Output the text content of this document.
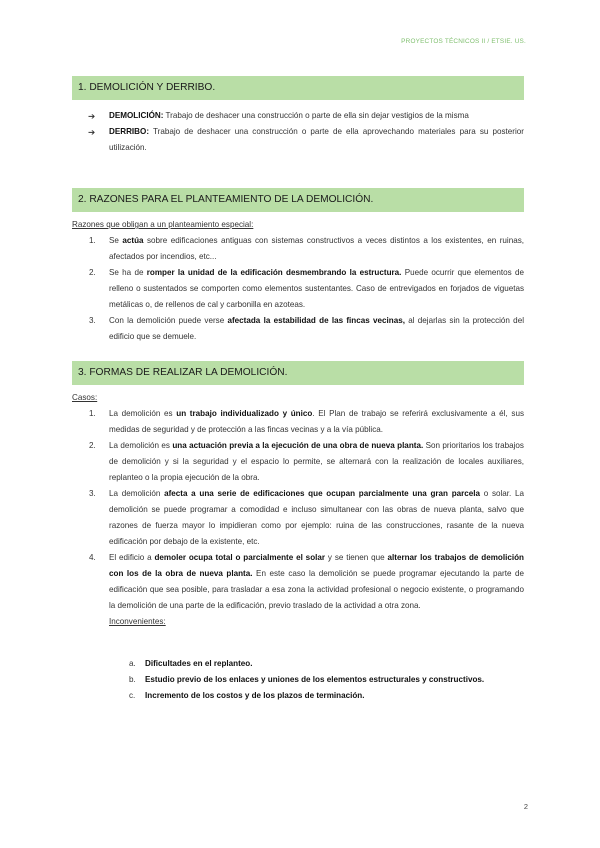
PROYECTOS TÉCNICOS II / ETSIE. US.
1. DEMOLICIÓN Y DERRIBO.

➔ DEMOLICIÓN: Trabajo de deshacer una construcción o parte de ella sin dejar vestigios de la misma

➔ DERRIBO: Trabajo de deshacer una construcción o parte de ella aprovechando materiales para su posterior utilización.

2. RAZONES PARA EL PLANTEAMIENTO DE LA DEMOLICIÓN.

Razones que obligan a un planteamiento especial:

1. Se actúa sobre edificaciones antiguas con sistemas constructivos a veces distintos a los existentes, en ruinas, afectados por incendios, etc...

2. Se ha de romper la unidad de la edificación desmembrando la estructura. Puede ocurrir que elementos de relleno o sustentados se comporten como elementos sustentantes. Caso de entrevigados en forjados de viguetas metálicas o, de rellenos de cal y carbonilla en azoteas.

3. Con la demolición puede verse afectada la estabilidad de las fincas vecinas, al dejarlas sin la protección del edificio que se demuele.

3. FORMAS DE REALIZAR LA DEMOLICIÓN.

Casos:

1. La demolición es un trabajo individualizado y único. El Plan de trabajo se referirá exclusivamente a él, sus medidas de seguridad y de protección a las fincas vecinas y a la vía pública.

2. La demolición es una actuación previa a la ejecución de una obra de nueva planta. Son prioritarios los trabajos de demolición y si la seguridad y el espacio lo permite, se alternará con la realización de locales auxiliares, replanteo o la propia ejecución de la obra.

3. La demolición afecta a una serie de edificaciones que ocupan parcialmente una gran parcela o solar. La demolición se puede programar a comodidad e incluso simultanear con las obras de nueva planta, salvo que razones de fuerza mayor lo impidieran como por ejemplo: ruina de las construcciones, rasante de la nueva edificación por debajo de la existente, etc.

4. El edificio a demoler ocupa total o parcialmente el solar y se tienen que alternar los trabajos de demolición con los de la obra de nueva planta. En este caso la demolición se puede programar ejecutando la parte de edificación que sea posible, para trasladar a esa zona la actividad profesional o negocio existente, o programando la demolición de una parte de la edificación, previo traslado de la actividad a otra zona.

Inconvenientes:

a. Dificultades en el replanteo.

b. Estudio previo de los enlaces y uniones de los elementos estructurales y constructivos.

c. Incremento de los costos y de los plazos de terminación.

2
